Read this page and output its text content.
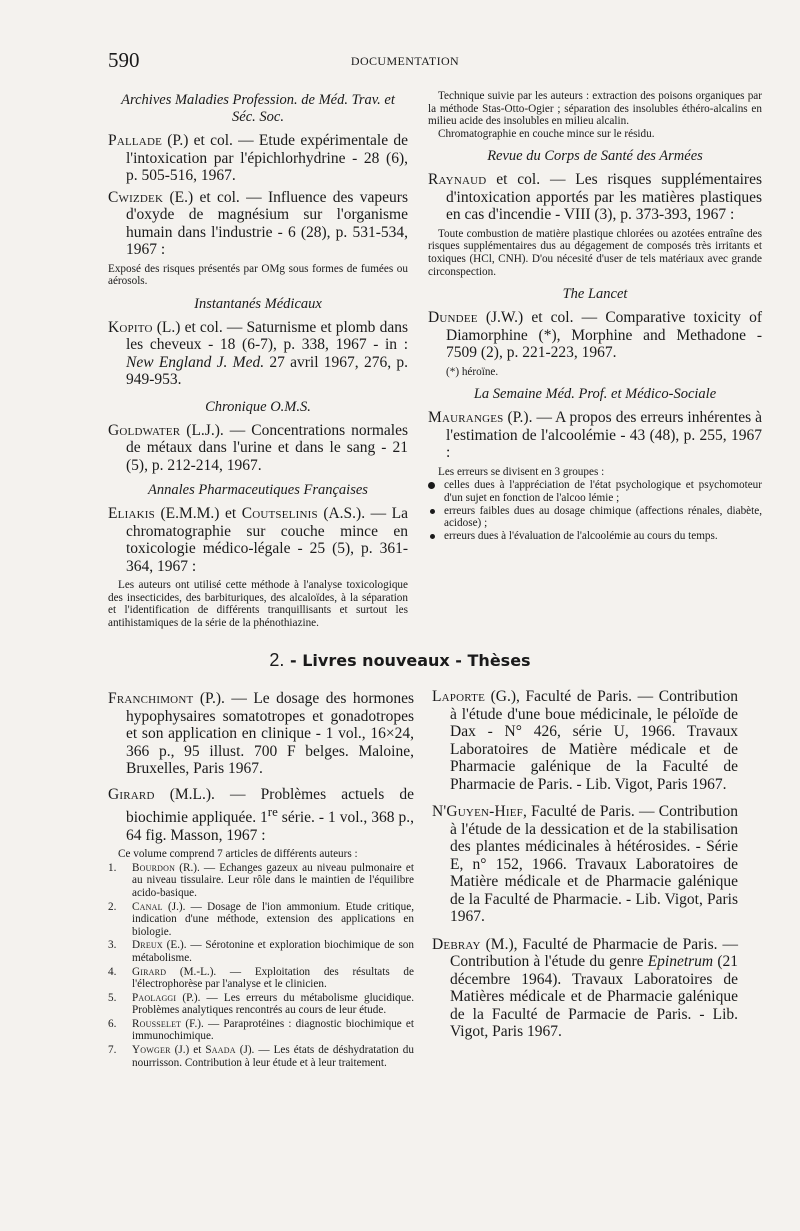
590	DOCUMENTATION

Archives Maladies Profession. de Méd. Trav. et Séc. Soc.

Pallade (P.) et col. — Etude expérimentale de l'intoxication par l'épichlorhydrine - 28 (6), p. 505-516, 1967.

Cwizdek (E.) et col. — Influence des vapeurs d'oxyde de magnésium sur l'organisme humain dans l'industrie - 6 (28), p. 531-534, 1967 :

Exposé des risques présentés par OMg sous formes de fumées ou aérosols.

Instantanés Médicaux

Kopito (L.) et col. — Saturnisme et plomb dans les cheveux - 18 (6-7), p. 338, 1967 - in : New England J. Med. 27 avril 1967, 276, p. 949-953.

Chronique O.M.S.

Goldwater (L.J.). — Concentrations normales de métaux dans l'urine et dans le sang - 21 (5), p. 212-214, 1967.

Annales Pharmaceutiques Françaises

Eliakis (E.M.M.) et Coutselinis (A.S.). — La chromatographie sur couche mince en toxicologie médico-légale - 25 (5), p. 361-364, 1967 :

Les auteurs ont utilisé cette méthode à l'analyse toxicologique des insecticides, des barbituriques, des alcaloïdes, à la séparation et l'identification de différents tranquillisants et surtout les antihistamiques de la série de la phénothiazine.

Technique suivie par les auteurs : extraction des poisons organiques par la méthode Stas-Otto-Ogier ; séparation des insolubles éthéro-alcalins en milieu acide des insolubles en milieu alcalin.

Chromatographie en couche mince sur le résidu.

Revue du Corps de Santé des Armées

Raynaud et col. — Les risques supplémentaires d'intoxication apportés par les matières plastiques en cas d'incendie - VIII (3), p. 373-393, 1967 :

Toute combustion de matière plastique chlorées ou azotées entraîne des risques supplémentaires dus au dégagement de composés très irritants et toxiques (HCl, CNH). D'ou nécesité d'user de tels matériaux avec grande circonspection.

The Lancet

Dundee (J.W.) et col. — Comparative toxicity of Diamorphine (*), Morphine and Methadone - 7509 (2), p. 221-223, 1967.

(*) héroïne.

La Semaine Méd. Prof. et Médico-Sociale

Mauranges (P.). — A propos des erreurs inhérentes à l'estimation de l'alcoolémie - 43 (48), p. 255, 1967 :

Les erreurs se divisent en 3 groupes :

celles dues à l'appréciation de l'état psychologique et psychomoteur d'un sujet en fonction de l'alcoo lémie ;
erreurs faibles dues au dosage chimique (affections rénales, diabète, acidose) ;
erreurs dues à l'évaluation de l'alcoolémie au cours du temps.
2. - Livres nouveaux - Thèses

Franchimont (P.). — Le dosage des hormones hypophysaires somatotropes et gonadotropes et son application en clinique - 1 vol., 16×24, 366 p., 95 illust. 700 F belges. Maloine, Bruxelles, Paris 1967.

Girard (M.L.). — Problèmes actuels de biochimie appliquée. 1re série. - 1 vol., 368 p., 64 fig. Masson, 1967 :

Ce volume comprend 7 articles de différents auteurs :

1. Bourdon (R.). — Echanges gazeux au niveau pulmonaire et au niveau tissulaire. Leur rôle dans le maintien de l'équilibre acido-basique.
2. Canal (J.). — Dosage de l'ion ammonium. Etude critique, indication d'une méthode, extension des applications en biologie.
3. Dreux (E.). — Sérotonine et exploration biochimique de son métabolisme.
4. Girard (M.-L.). — Exploitation des résultats de l'électrophorèse par l'analyse et le clinicien.
5. Paolaggi (P.). — Les erreurs du métabolisme glucidique. Problèmes analytiques rencontrés au cours de leur étude.
6. Rousselet (F.). — Paraprotéines : diagnostic biochimique et immunochimique.
7. Yowger (J.) et Saada (J). — Les états de déshydratation du nourrisson. Contribution à leur étude et à leur traitement.

Laporte (G.), Faculté de Paris. — Contribution à l'étude d'une boue médicinale, le péloïde de Dax - N° 426, série U, 1966. Travaux Laboratoires de Matière médicale et de Pharmacie galénique de la Faculté de Pharmacie de Paris. - Lib. Vigot, Paris 1967.

N'Guyen-Hief, Faculté de Paris. — Contribution à l'étude de la dessication et de la stabilisation des plantes médicinales à hétérosides. - Série E, n° 152, 1966. Travaux Laboratoires de Matière médicale et de Pharmacie galénique de la Faculté de Pharmacie. - Lib. Vigot, Paris 1967.

Debray (M.), Faculté de Pharmacie de Paris. — Contribution à l'étude du genre Epinetrum (21 décembre 1964). Travaux Laboratoires de Matières médicale et de Pharmacie galénique de la Faculté de Parmacie de Paris. - Lib. Vigot, Paris 1967.
